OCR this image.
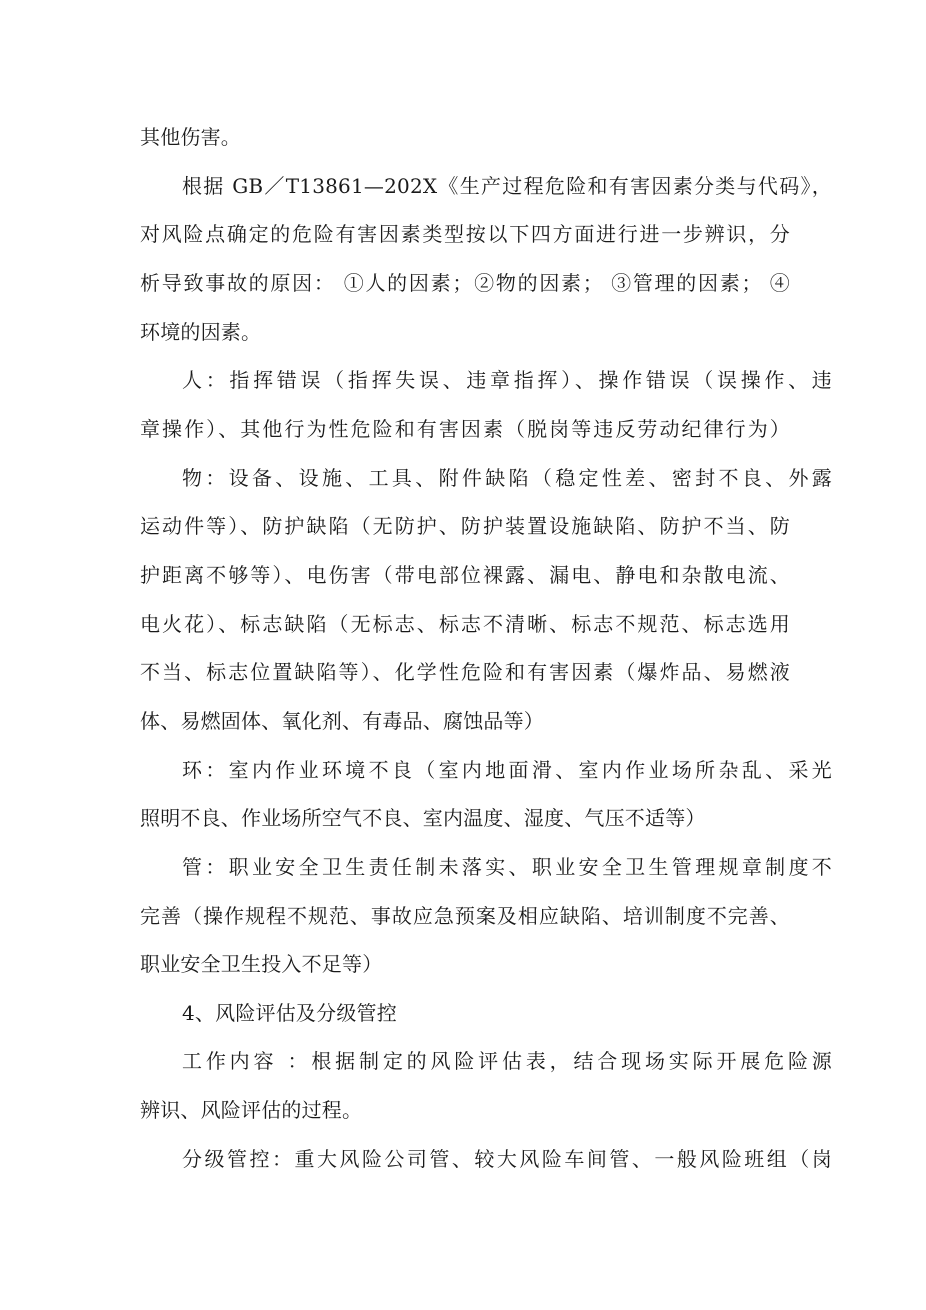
其他伤害。
根据 GB／T13861—202X《生产过程危险和有害因素分类与代码》，
对风险点确定的危险有害因素类型按以下四方面进行进一步辨识，分
析导致事故的原因： ①人的因素；②物的因素； ③管理的因素； ④
环境的因素。
人：指挥错误（指挥失误、违章指挥）、操作错误（误操作、违
章操作）、其他行为性危险和有害因素（脱岗等违反劳动纪律行为）
物：设备、设施、工具、附件缺陷（稳定性差、密封不良、外露
运动件等）、防护缺陷（无防护、防护装置设施缺陷、防护不当、防
护距离不够等）、电伤害（带电部位裸露、漏电、静电和杂散电流、
电火花）、标志缺陷（无标志、标志不清晰、标志不规范、标志选用
不当、标志位置缺陷等）、化学性危险和有害因素（爆炸品、易燃液
体、易燃固体、氧化剂、有毒品、腐蚀品等）
环：室内作业环境不良（室内地面滑、室内作业场所杂乱、采光
照明不良、作业场所空气不良、室内温度、湿度、气压不适等）
管：职业安全卫生责任制未落实、职业安全卫生管理规章制度不
完善（操作规程不规范、事故应急预案及相应缺陷、培训制度不完善、
职业安全卫生投入不足等）
4、风险评估及分级管控
工作内容 ：根据制定的风险评估表，结合现场实际开展危险源
辨识、风险评估的过程。
分级管控：重大风险公司管、较大风险车间管、一般风险班组（岗
